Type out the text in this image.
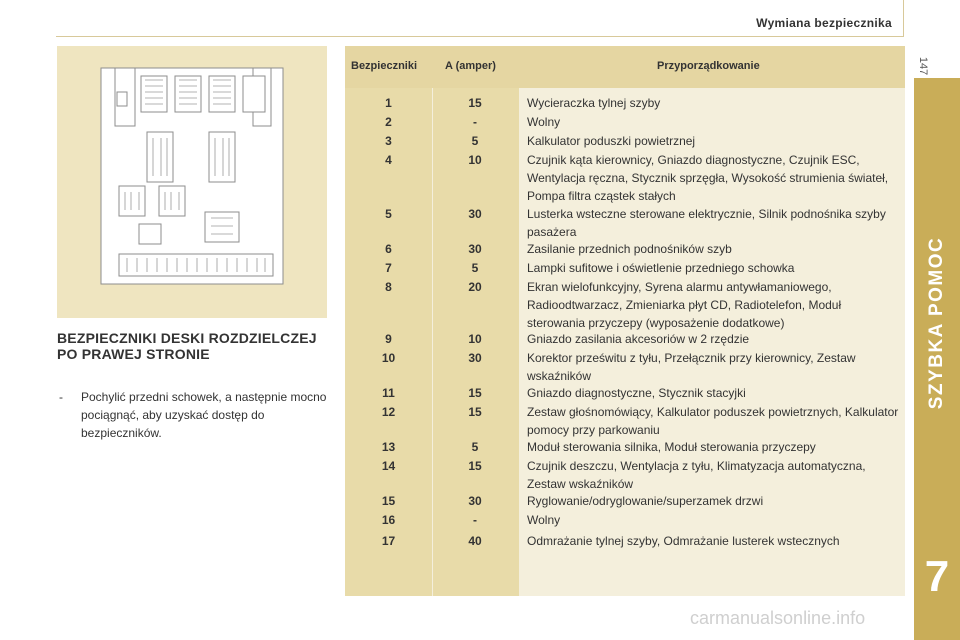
Wymiana bezpiecznika
147
SZYBKA POMOC
7
BEZPIECZNIKI DESKI ROZDZIELCZEJ PO PRAWEJ STRONIE
-	Pochylić przedni schowek, a następnie mocno pociągnąć, aby uzyskać dostęp do bezpieczników.
Bezpieczniki	A (amper)	Przyporządkowanie
1	15	Wycieraczka tylnej szyby
2	-	Wolny
3	5	Kalkulator poduszki powietrznej
4	10	Czujnik kąta kierownicy, Gniazdo diagnostyczne, Czujnik ESC, Wentylacja ręczna, Stycznik sprzęgła, Wysokość strumienia świateł, Pompa filtra cząstek stałych
5	30	Lusterka wsteczne sterowane elektrycznie, Silnik podnośnika szyby pasażera
6	30	Zasilanie przednich podnośników szyb
7	5	Lampki sufitowe i oświetlenie przedniego schowka
8	20	Ekran wielofunkcyjny, Syrena alarmu antywłamaniowego, Radioodtwarzacz, Zmieniarka płyt CD, Radiotelefon, Moduł sterowania przyczepy (wyposażenie dodatkowe)
9	10	Gniazdo zasilania akcesoriów w 2 rzędzie
10	30	Korektor prześwitu z tyłu, Przełącznik przy kierownicy, Zestaw wskaźników
11	15	Gniazdo diagnostyczne, Stycznik stacyjki
12	15	Zestaw głośnomówiący, Kalkulator poduszek powietrznych, Kalkulator pomocy przy parkowaniu
13	5	Moduł sterowania silnika, Moduł sterowania przyczepy
14	15	Czujnik deszczu, Wentylacja z tyłu, Klimatyzacja automatyczna, Zestaw wskaźników
15	30	Ryglowanie/odryglowanie/superzamek drzwi
16	-	Wolny
17	40	Odmrażanie tylnej szyby, Odmrażanie lusterek wstecznych
carmanualsonline.info
